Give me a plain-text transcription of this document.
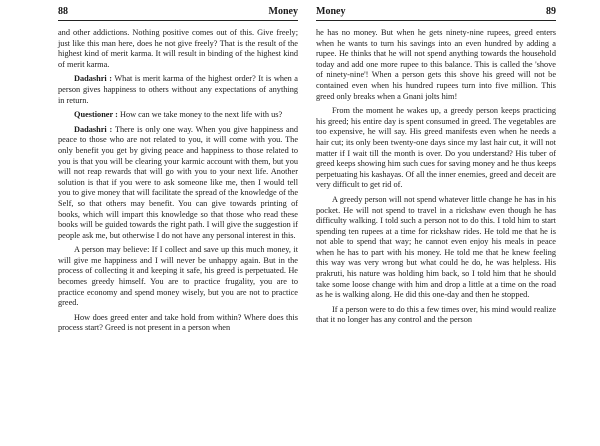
88	Money

and other addictions. Nothing positive comes out of this. Give freely; just like this man here, does he not give freely? That is the result of the highest kind of merit karma. It will result in binding of the highest kind of merit karma.

Dadashri : What is merit karma of the highest order? It is when a person gives happiness to others without any expectations of anything in return.

Questioner : How can we take money to the next life with us?

Dadashri : There is only one way. When you give happiness and peace to those who are not related to you, it will come with you. The only benefit you get by giving peace and happiness to those related to you is that you will be clearing your karmic account with them, but you will not reap rewards that will go with you to your next life. Another solution is that if you were to ask someone like me, then I would tell you to give money that will facilitate the spread of the knowledge of the Self, so that others may benefit. You can give towards printing of books, which will impart this knowledge so that those who read these books will be guided towards the right path. I will give the suggestion if people ask me, but otherwise I do not have any personal interest in this.

A person may believe: If I collect and save up this much money, it will give me happiness and I will never be unhappy again. But in the process of collecting it and keeping it safe, his greed is perpetuated. He becomes greedy himself. You are to practice frugality, you are to practice economy and spend money wisely, but you are not to practice greed.

How does greed enter and take hold from within? Where does this process start? Greed is not present in a person when

Money	89

he has no money. But when he gets ninety-nine rupees, greed enters when he wants to turn his savings into an even hundred by adding a rupee. He thinks that he will not spend anything towards the household today and add one more rupee to this balance. This is called the 'shove of ninety-nine'! When a person gets this shove his greed will not be contained even when his hundred rupees turn into five million. This greed only breaks when a Gnani jolts him!

From the moment he wakes up, a greedy person keeps practicing his greed; his entire day is spent consumed in greed. The vegetables are too expensive, he will say. His greed manifests even when he needs a hair cut; its only been twenty-one days since my last hair cut, it will not matter if I wait till the month is over. Do you understand? His tuber of greed keeps showing him such cues for saving money and he thus keeps perpetuating his kashayas. Of all the inner enemies, greed and deceit are very difficult to get rid of.

A greedy person will not spend whatever little change he has in his pocket. He will not spend to travel in a rickshaw even though he has difficulty walking. I told such a person not to do this. I told him to start spending ten rupees at a time for rickshaw rides. He told me that he is not able to spend that way; he cannot even enjoy his meals in peace when he has to part with his money. He told me that he knew feeling this way was very wrong but what could he do, he was helpless. His prakruti, his nature was holding him back, so I told him that he should take some loose change with him and drop a little at a time on the road as he is walking along. He did this one-day and then he stopped.

If a person were to do this a few times over, his mind would realize that it no longer has any control and the person
